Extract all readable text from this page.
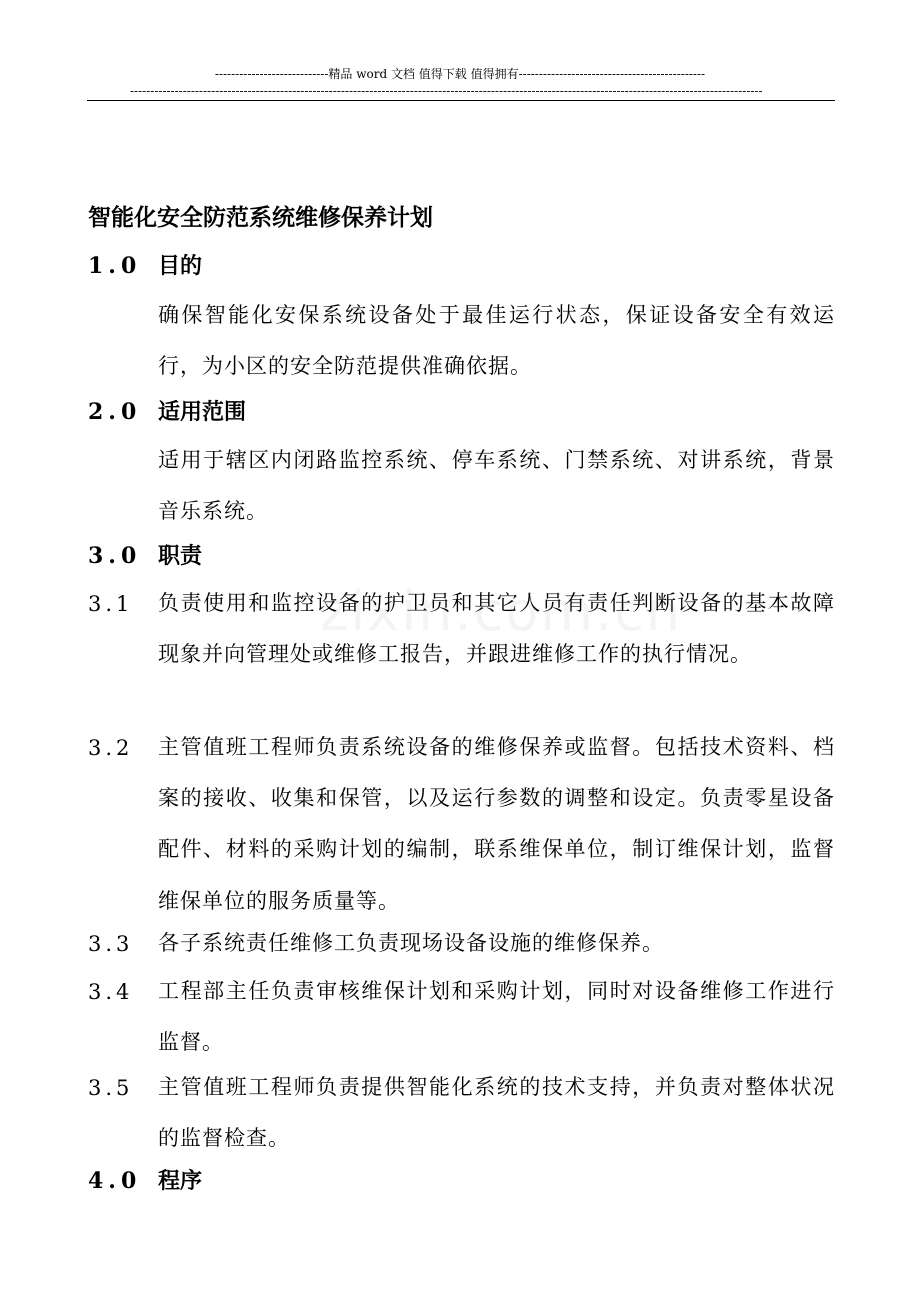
----------------------------精品 word 文档 值得下载 值得拥有----------------------------------------------
------------------------------------------------------------------------------------------------------------------------------------------------------------
智能化安全防范系统维修保养计划
1.0 目的
确保智能化安保系统设备处于最佳运行状态，保证设备安全有效运行，为小区的安全防范提供准确依据。
2.0 适用范围
适用于辖区内闭路监控系统、停车系统、门禁系统、对讲系统，背景音乐系统。
3.0 职责
3.1	负责使用和监控设备的护卫员和其它人员有责任判断设备的基本故障现象并向管理处或维修工报告，并跟进维修工作的执行情况。
3.2	主管值班工程师负责系统设备的维修保养或监督。包括技术资料、档案的接收、收集和保管，以及运行参数的调整和设定。负责零星设备配件、材料的采购计划的编制，联系维保单位，制订维保计划，监督维保单位的服务质量等。
3.3	各子系统责任维修工负责现场设备设施的维修保养。
3.4	工程部主任负责审核维保计划和采购计划，同时对设备维修工作进行监督。
3.5	主管值班工程师负责提供智能化系统的技术支持，并负责对整体状况的监督检查。
4.0 程序
